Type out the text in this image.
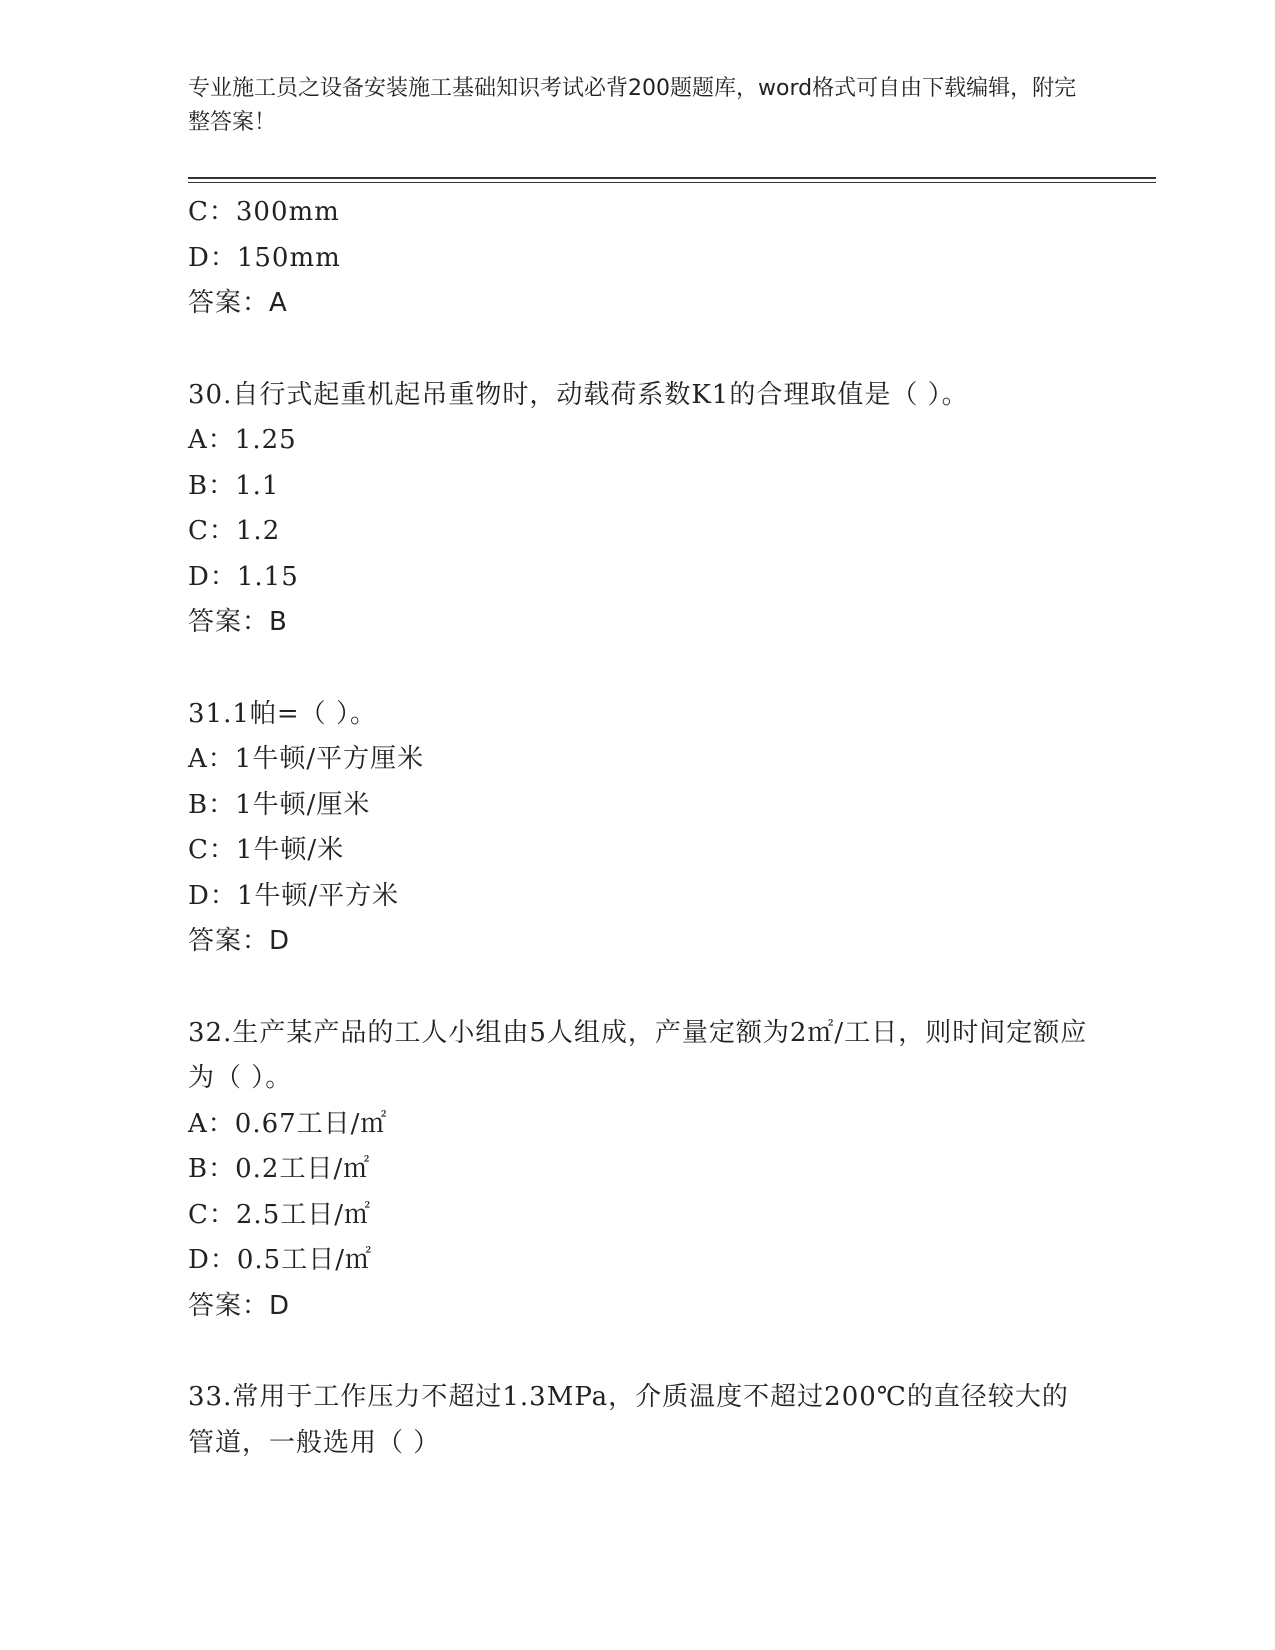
专业施工员之设备安装施工基础知识考试必背200题题库，word格式可自由下载编辑，附完整答案！
C：300mm
D：150mm
答案：A
30.自行式起重机起吊重物时，动载荷系数K1的合理取值是（ ）。
A：1.25
B：1.1
C：1.2
D：1.15
答案：B
31.1帕=（ ）。
A：1牛顿/平方厘米
B：1牛顿/厘米
C：1牛顿/米
D：1牛顿/平方米
答案：D
32.生产某产品的工人小组由5人组成，产量定额为2㎡/工日，则时间定额应为（ ）。
A：0.67工日/㎡
B：0.2工日/㎡
C：2.5工日/㎡
D：0.5工日/㎡
答案：D
33.常用于工作压力不超过1.3MPa，介质温度不超过200℃的直径较大的管道，一般选用（ ）
